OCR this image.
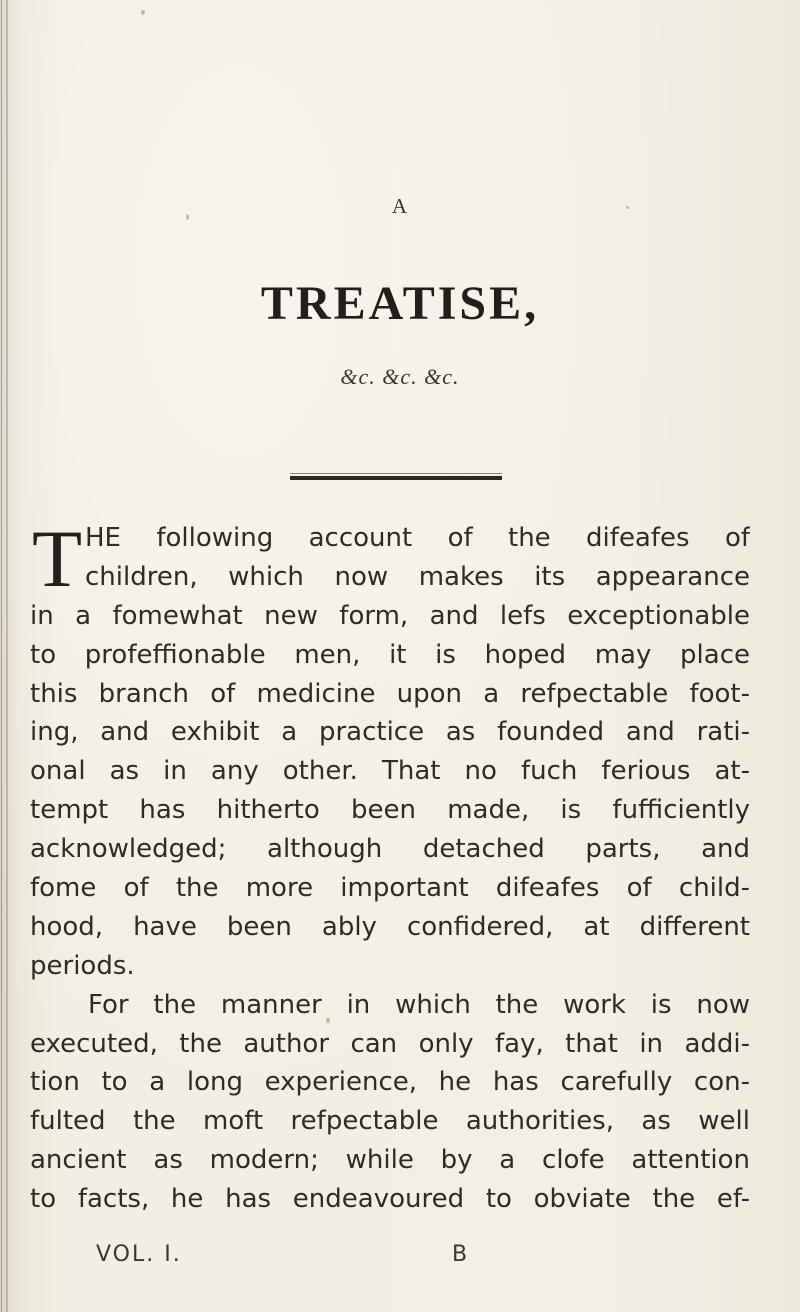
A
TREATISE,
&c. &c. &c.
T HE following account of the difeafes of
children, which now makes its appearance
in a fomewhat new form, and lefs exceptionable
to profeffionable men, it is hoped may place
this branch of medicine upon a refpectable foot-
ing, and exhibit a practice as founded and rati-
onal as in any other. That no fuch ferious at-
tempt has hitherto been made, is fufficiently
acknowledged; although detached parts, and
fome of the more important difeafes of child-
hood, have been ably confidered, at different
periods.
For the manner in which the work is now
executed, the author can only fay, that in addi-
tion to a long experience, he has carefully con-
fulted the moft refpectable authorities, as well
ancient as modern; while by a clofe attention
to facts, he has endeavoured to obviate the ef-
VOL. I.	B
